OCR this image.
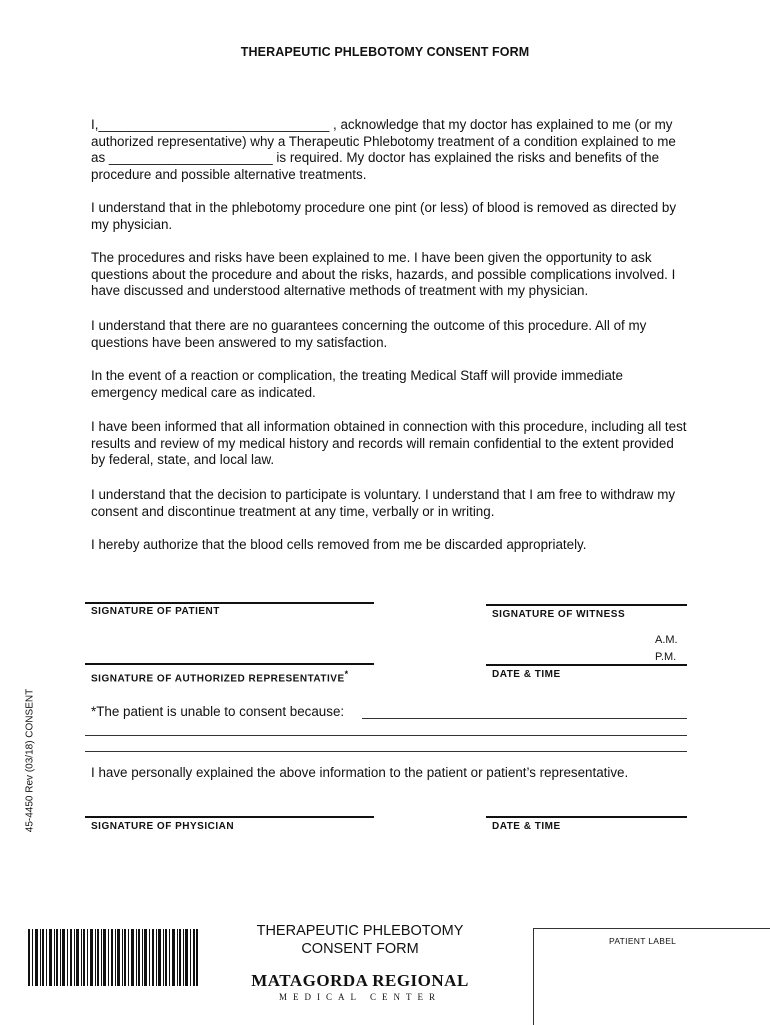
THERAPEUTIC PHLEBOTOMY CONSENT FORM

I,_______________________________ , acknowledge that my doctor has explained to me (or my authorized representative) why a Therapeutic Phlebotomy treatment of a condition explained to me as ______________________ is required. My doctor has explained the risks and benefits of the procedure and possible alternative treatments.

I understand that in the phlebotomy procedure one pint (or less) of blood is removed as directed by my physician.

The procedures and risks have been explained to me. I have been given the opportunity to ask questions about the procedure and about the risks, hazards, and possible complications involved. I have discussed and understood alternative methods of treatment with my physician.

I understand that there are no guarantees concerning the outcome of this procedure. All of my questions have been answered to my satisfaction.

In the event of a reaction or complication, the treating Medical Staff will provide immediate emergency medical care as indicated.

I have been informed that all information obtained in connection with this procedure, including all test results and review of my medical history and records will remain confidential to the extent provided by federal, state, and local law.

I understand that the decision to participate is voluntary. I understand that I am free to withdraw my consent and discontinue treatment at any time, verbally or in writing.

I hereby authorize that the blood cells removed from me be discarded appropriately.

SIGNATURE OF PATIENT	SIGNATURE OF WITNESS
A.M.
P.M.
SIGNATURE OF AUTHORIZED REPRESENTATIVE*	DATE & TIME
*The patient is unable to consent because:

I have personally explained the above information to the patient or patient’s representative.

SIGNATURE OF PHYSICIAN	DATE & TIME
45-4450 Rev (03/18) CONSENT
THERAPEUTIC PHLEBOTOMY
CONSENT FORM
MATAGORDA REGIONAL
MEDICAL CENTER
PATIENT LABEL
